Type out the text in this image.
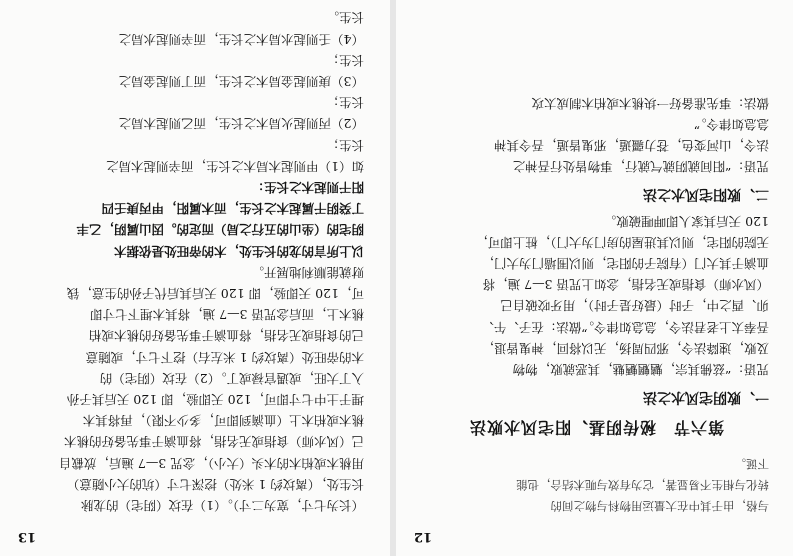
13

（长为七寸，宽为二寸）。（1）在坟（阴宅）的龙脉

长生处，（离坟约 1 米处）挖深七寸（坑的大小随意）

用桃木或柏木的木头（大小），念咒 3—7 遍后，放截自

己（风水师）食指或无名指，将血滴于事先备好的桃木

桃木或柏木上（血滴到即可，多少不限），再将其木

埋于土中七寸即可，120 天即验，即 120 天后其子孙

入丁大旺，或遇官禄或丁。（2）在坟（阴宅）的

木的帝旺处（离坟约 1 米左右）挖下七寸，或随意

己的食指或无名指，将血滴于事先备好的桃木或柏

桃木上，而后念咒语 3—7 遍，将其木埋下七寸即

可，120 天即验，即 120 天后其后代子孙的生意，钱

财就能顺利地展开。

以上所言的龙的长生处，木的帝旺处是依据木

阴宅的（坐山的五行之局）而定的。因山属阴，乙丰

丁癸阴干属起木之长生，而木属阳，甲丙庚壬四

阳干则起木之长生：

如（1）甲则起木局木之长生，而辛则起木局之

长生；

（2）丙则起火局木之长生，而乙则起木局之

长生；

（3）庚则起金局木之长生，而丁则起金局之

长生；

（4）壬则起水局木之长生，而辛则起水局之

长生。

12

与格，由于其中在大量运用物科与物之间的

转化与相生不易显著，它为有效与呃术结合，也能

下诞。

第六节　秘传阴基、阳宅风水败法

一、败阴宅风水之法

咒语：“兹佛其宗，魑魍魉魅，其恶就败，物物

及败，速降法令，邪四周扬，无以将回，神鬼皆退，

吾奉太上老君法令，急急如律令。”做法：在子、午、

卯、酉之中，子时（最好是子时），用牙咬破自己

（风水师）食指或无名指，念如上咒语 3—7 遍，将

血滴于其大门（有院子的阳宅，则以围墙门为大门，

无院的阳宅，则以其进屋的房门为大门），桩上即可，

120 天后其家人即呷哩破败。

二、败阳宅风水之法

咒语：“阳间就阴就气就行，事物皆处行吾神之

法令，山河变色，苍力疆遁，邪鬼皆遁，吾令其神

急急如律令。”

做法：事先准备好一块桃木或柏木制成太攻
